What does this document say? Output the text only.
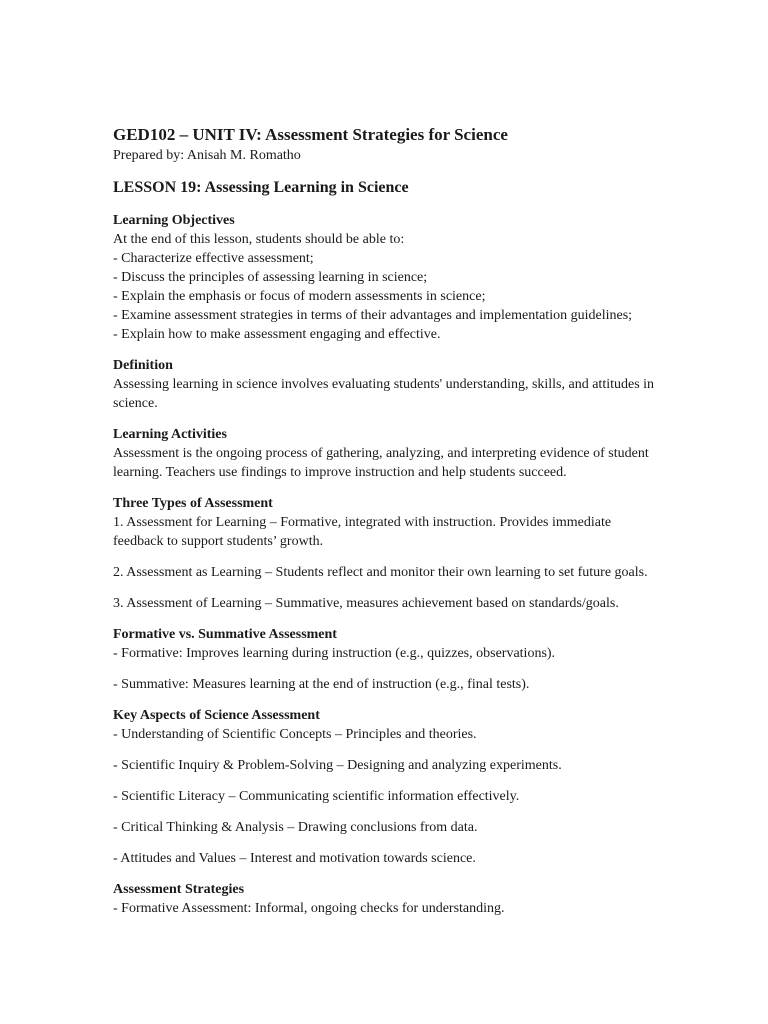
GED102 – UNIT IV: Assessment Strategies for Science

Prepared by: Anisah M. Romatho

LESSON 19: Assessing Learning in Science
Learning Objectives

At the end of this lesson, students should be able to:

- Characterize effective assessment;

- Discuss the principles of assessing learning in science;

- Explain the emphasis or focus of modern assessments in science;

- Examine assessment strategies in terms of their advantages and implementation guidelines;

- Explain how to make assessment engaging and effective.

Definition

Assessing learning in science involves evaluating students' understanding, skills, and attitudes in science.

Learning Activities

Assessment is the ongoing process of gathering, analyzing, and interpreting evidence of student learning. Teachers use findings to improve instruction and help students succeed.

Three Types of Assessment

1. Assessment for Learning – Formative, integrated with instruction. Provides immediate feedback to support students’ growth.

2. Assessment as Learning – Students reflect and monitor their own learning to set future goals.

3. Assessment of Learning – Summative, measures achievement based on standards/goals.

Formative vs. Summative Assessment

- Formative: Improves learning during instruction (e.g., quizzes, observations).

- Summative: Measures learning at the end of instruction (e.g., final tests).

Key Aspects of Science Assessment

- Understanding of Scientific Concepts – Principles and theories.

- Scientific Inquiry & Problem-Solving – Designing and analyzing experiments.

- Scientific Literacy – Communicating scientific information effectively.

- Critical Thinking & Analysis – Drawing conclusions from data.

- Attitudes and Values – Interest and motivation towards science.

Assessment Strategies

- Formative Assessment: Informal, ongoing checks for understanding.
